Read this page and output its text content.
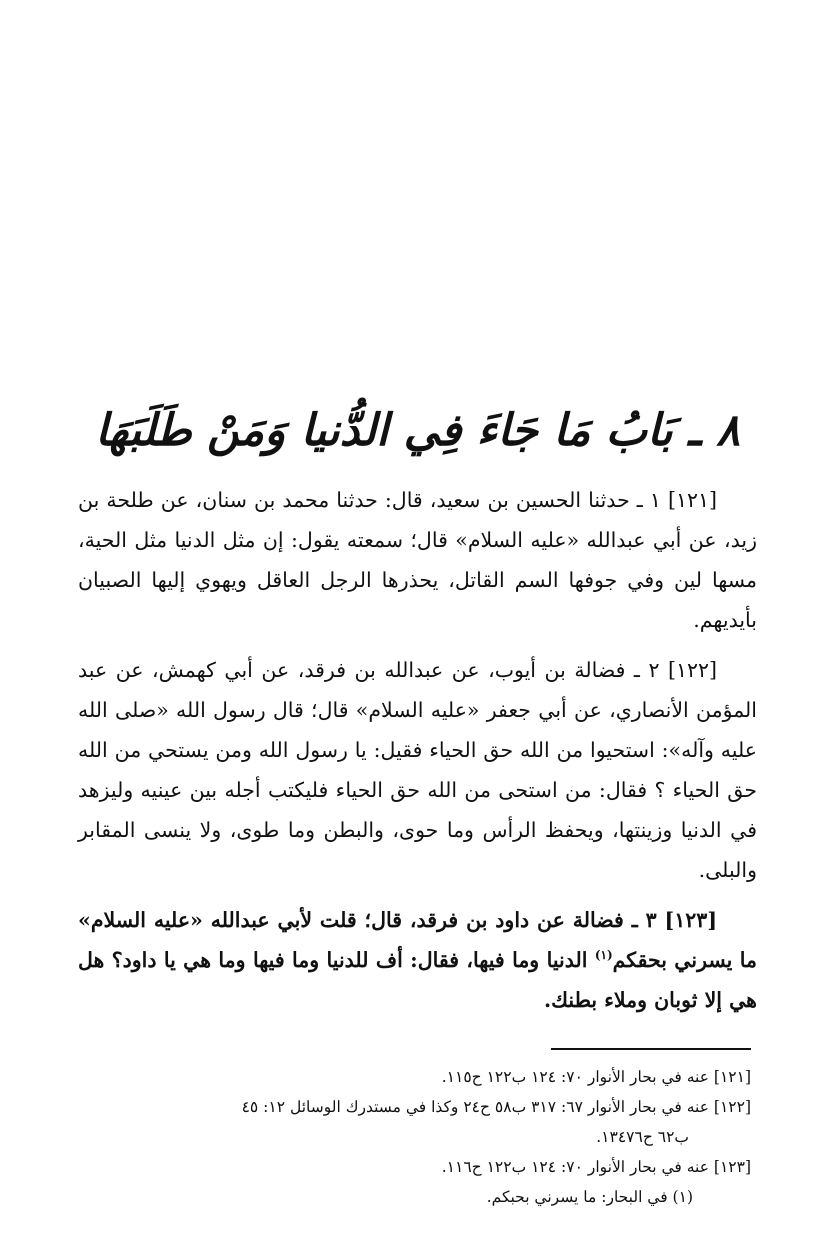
٨ ـ بَابُ مَا جَاءَ فِي الدُّنيا وَمَنْ طَلَبَهَا

[١٢١] ١ ـ حدثنا الحسين بن سعيد، قال: حدثنا محمد بن سنان، عن طلحة بن زيد، عن أبي عبدالله «عليه السلام» قال؛ سمعته يقول: إن مثل الدنيا مثل الحية، مسها لين وفي جوفها السم القاتل، يحذرها الرجل العاقل ويهوي إليها الصبيان بأيديهم.

[١٢٢] ٢ ـ فضالة بن أيوب، عن عبدالله بن فرقد، عن أبي كهمش، عن عبد المؤمن الأنصاري، عن أبي جعفر «عليه السلام» قال؛ قال رسول الله «صلى الله عليه وآله»: استحيوا من الله حق الحياء فقيل: يا رسول الله ومن يستحي من الله حق الحياء ؟ فقال: من استحى من الله حق الحياء فليكتب أجله بين عينيه وليزهد في الدنيا وزينتها، ويحفظ الرأس وما حوى، والبطن وما طوى، ولا ينسى المقابر والبلى.

[١٢٣] ٣ ـ فضالة عن داود بن فرقد، قال؛ قلت لأبي عبدالله «عليه السلام» ما يسرني بحقكم$^{(١)}$ الدنيا وما فيها، فقال: أف للدنيا وما فيها وما هي يا داود؟ هل هي إلا ثوبان وملاء بطنك.

[١٢١] عنه في بحار الأنوار ٧٠: ١٢٤ ب١٢٢ ح١١٥.

[١٢٢] عنه في بحار الأنوار ٦٧: ٣١٧ ب٥٨ ح٢٤ وكذا في مستدرك الوسائل ١٢: ٤٥

ب٦٢ ح١٣٤٧٦.

[١٢٣] عنه في بحار الأنوار ٧٠: ١٢٤ ب١٢٢ ح١١٦.

(١) في البحار: ما يسرني بحبكم.
